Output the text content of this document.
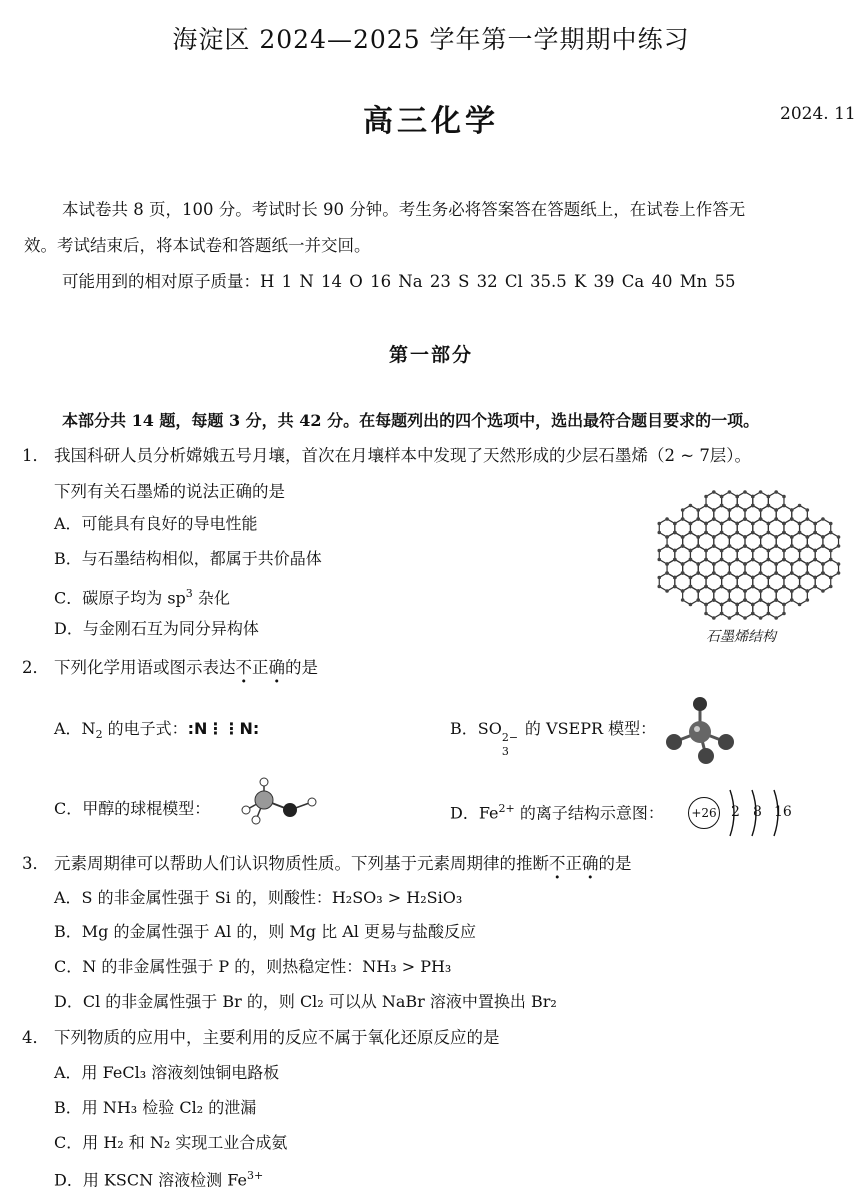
海淀区 2024—2025 学年第一学期期中练习
高三化学	2024. 11
本试卷共 8 页，100 分。考试时长 90 分钟。考生务必将答案答在答题纸上，在试卷上作答无
效。考试结束后，将本试卷和答题纸一并交回。
可能用到的相对原子质量：H 1 N 14 O 16 Na 23 S 32 Cl 35.5 K 39 Ca 40 Mn 55
第一部分
本部分共 14 题，每题 3 分，共 42 分。在每题列出的四个选项中，选出最符合题目要求的一项。
1． 我国科研人员分析嫦娥五号月壤，首次在月壤样本中发现了天然形成的少层石墨烯（2 ~ 7层）。
下列有关石墨烯的说法正确的是
A．可能具有良好的导电性能
B．与石墨结构相似，都属于共价晶体
C．碳原子均为 $sp^3$ 杂化
D．与金刚石互为同分异构体	石墨烯结构
2． 下列化学用语或图示表达不正确的是
A．$N_2$ 的电子式：:N⋮⋮N:	B．SO 2−
3
的 VSEPR 模型：
C．甲醇的球棍模型：	D．$Fe^{2+}$ 的离子结构示意图： +26 2 8 16
3． 元素周期律可以帮助人们认识物质性质。下列基于元素周期律的推断不正确的是
A．S 的非金属性强于 Si 的，则酸性：H₂SO₃ > H₂SiO₃
B．Mg 的金属性强于 Al 的，则 Mg 比 Al 更易与盐酸反应
C．N 的非金属性强于 P 的，则热稳定性：NH₃ > PH₃
D．Cl 的非金属性强于 Br 的，则 Cl₂ 可以从 NaBr 溶液中置换出 Br₂
4． 下列物质的应用中，主要利用的反应不属于氧化还原反应的是
A．用 FeCl₃ 溶液刻蚀铜电路板
B．用 NH₃ 检验 Cl₂ 的泄漏
C．用 H₂ 和 N₂ 实现工业合成氨
D．用 KSCN 溶液检测 $Fe^{3+}$
